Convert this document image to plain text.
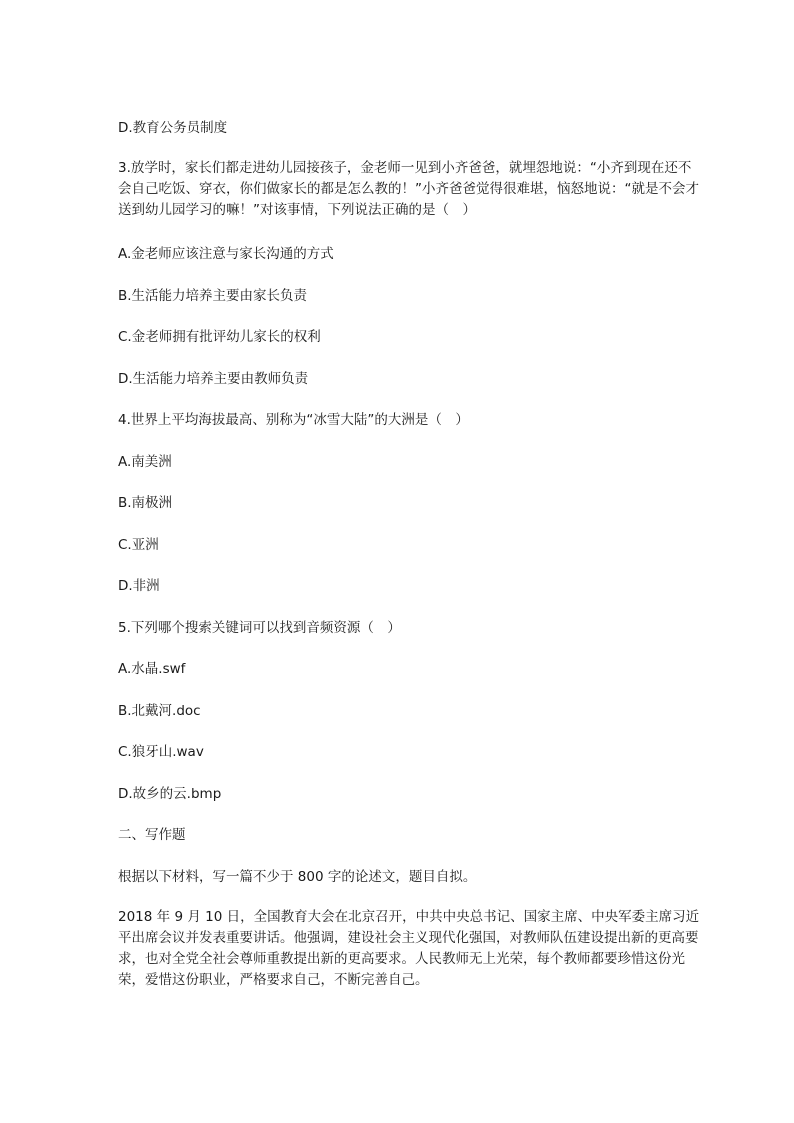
D.教育公务员制度
3.放学时，家长们都走进幼儿园接孩子，金老师一见到小齐爸爸，就埋怨地说：“小齐到现在还不会自己吃饭、穿衣，你们做家长的都是怎么教的！”小齐爸爸觉得很难堪，恼怒地说：“就是不会才送到幼儿园学习的嘛！”对该事情，下列说法正确的是（　）
A.金老师应该注意与家长沟通的方式
B.生活能力培养主要由家长负责
C.金老师拥有批评幼儿家长的权利
D.生活能力培养主要由教师负责
4.世界上平均海拔最高、别称为“冰雪大陆”的大洲是（　）
A.南美洲
B.南极洲
C.亚洲
D.非洲
5.下列哪个搜索关键词可以找到音频资源（　）
A.水晶.swf
B.北戴河.doc
C.狼牙山.wav
D.故乡的云.bmp
二、写作题
根据以下材料，写一篇不少于 800 字的论述文，题目自拟。
2018 年 9 月 10 日，全国教育大会在北京召开，中共中央总书记、国家主席、中央军委主席习近平出席会议并发表重要讲话。他强调，建设社会主义现代化强国，对教师队伍建设提出新的更高要求，也对全党全社会尊师重教提出新的更高要求。人民教师无上光荣，每个教师都要珍惜这份光荣，爱惜这份职业，严格要求自己，不断完善自己。
